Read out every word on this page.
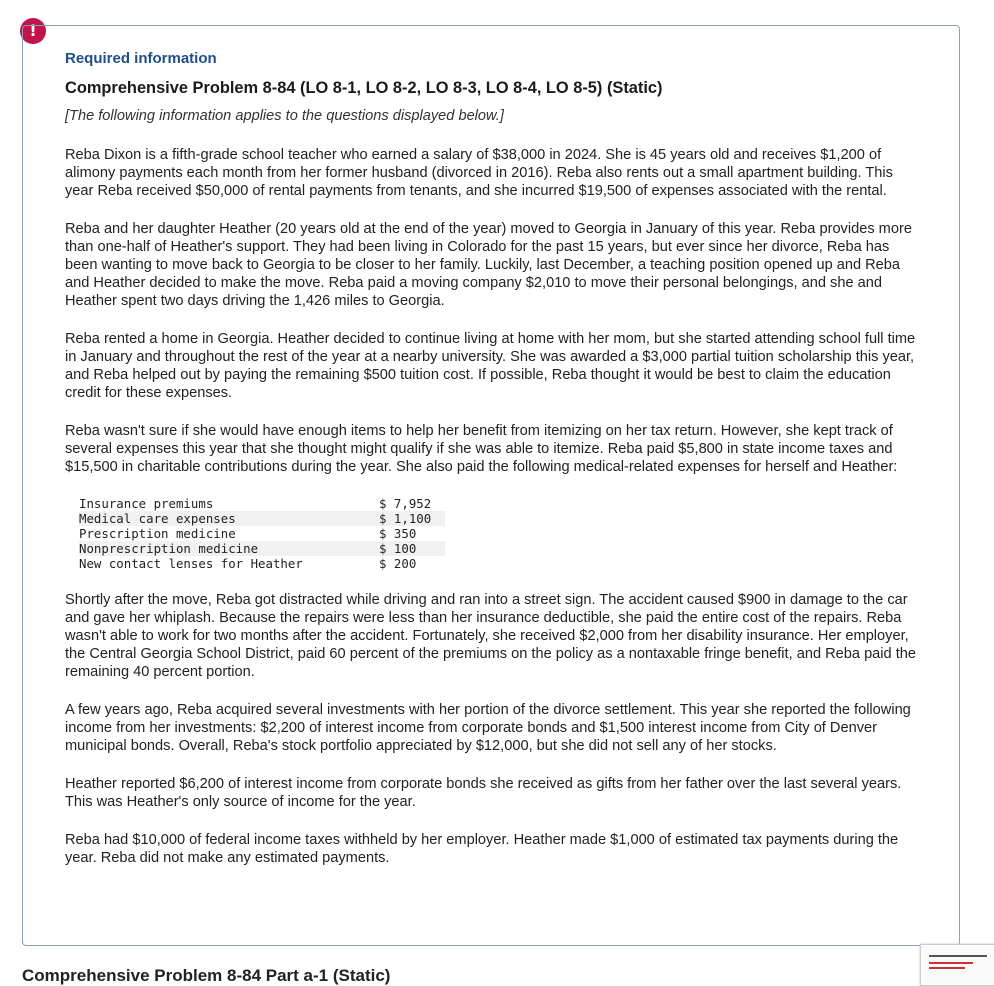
!
Required information
Comprehensive Problem 8-84 (LO 8-1, LO 8-2, LO 8-3, LO 8-4, LO 8-5) (Static)
[The following information applies to the questions displayed below.]

Reba Dixon is a fifth-grade school teacher who earned a salary of $38,000 in 2024. She is 45 years old and receives $1,200 of alimony payments each month from her former husband (divorced in 2016). Reba also rents out a small apartment building. This year Reba received $50,000 of rental payments from tenants, and she incurred $19,500 of expenses associated with the rental.

Reba and her daughter Heather (20 years old at the end of the year) moved to Georgia in January of this year. Reba provides more than one-half of Heather's support. They had been living in Colorado for the past 15 years, but ever since her divorce, Reba has been wanting to move back to Georgia to be closer to her family. Luckily, last December, a teaching position opened up and Reba and Heather decided to make the move. Reba paid a moving company $2,010 to move their personal belongings, and she and Heather spent two days driving the 1,426 miles to Georgia.

Reba rented a home in Georgia. Heather decided to continue living at home with her mom, but she started attending school full time in January and throughout the rest of the year at a nearby university. She was awarded a $3,000 partial tuition scholarship this year, and Reba helped out by paying the remaining $500 tuition cost. If possible, Reba thought it would be best to claim the education credit for these expenses.

Reba wasn't sure if she would have enough items to help her benefit from itemizing on her tax return. However, she kept track of several expenses this year that she thought might qualify if she was able to itemize. Reba paid $5,800 in state income taxes and $15,500 in charitable contributions during the year. She also paid the following medical-related expenses for herself and Heather:

Insurance premiums	$ 7,952
Medical care expenses	$ 1,100
Prescription medicine	$ 350
Nonprescription medicine	$ 100
New contact lenses for Heather	$ 200

Shortly after the move, Reba got distracted while driving and ran into a street sign. The accident caused $900 in damage to the car and gave her whiplash. Because the repairs were less than her insurance deductible, she paid the entire cost of the repairs. Reba wasn't able to work for two months after the accident. Fortunately, she received $2,000 from her disability insurance. Her employer, the Central Georgia School District, paid 60 percent of the premiums on the policy as a nontaxable fringe benefit, and Reba paid the remaining 40 percent portion.

A few years ago, Reba acquired several investments with her portion of the divorce settlement. This year she reported the following income from her investments: $2,200 of interest income from corporate bonds and $1,500 interest income from City of Denver municipal bonds. Overall, Reba's stock portfolio appreciated by $12,000, but she did not sell any of her stocks.

Heather reported $6,200 of interest income from corporate bonds she received as gifts from her father over the last several years. This was Heather's only source of income for the year.

Reba had $10,000 of federal income taxes withheld by her employer. Heather made $1,000 of estimated tax payments during the year. Reba did not make any estimated payments.

Comprehensive Problem 8-84 Part a-1 (Static)
